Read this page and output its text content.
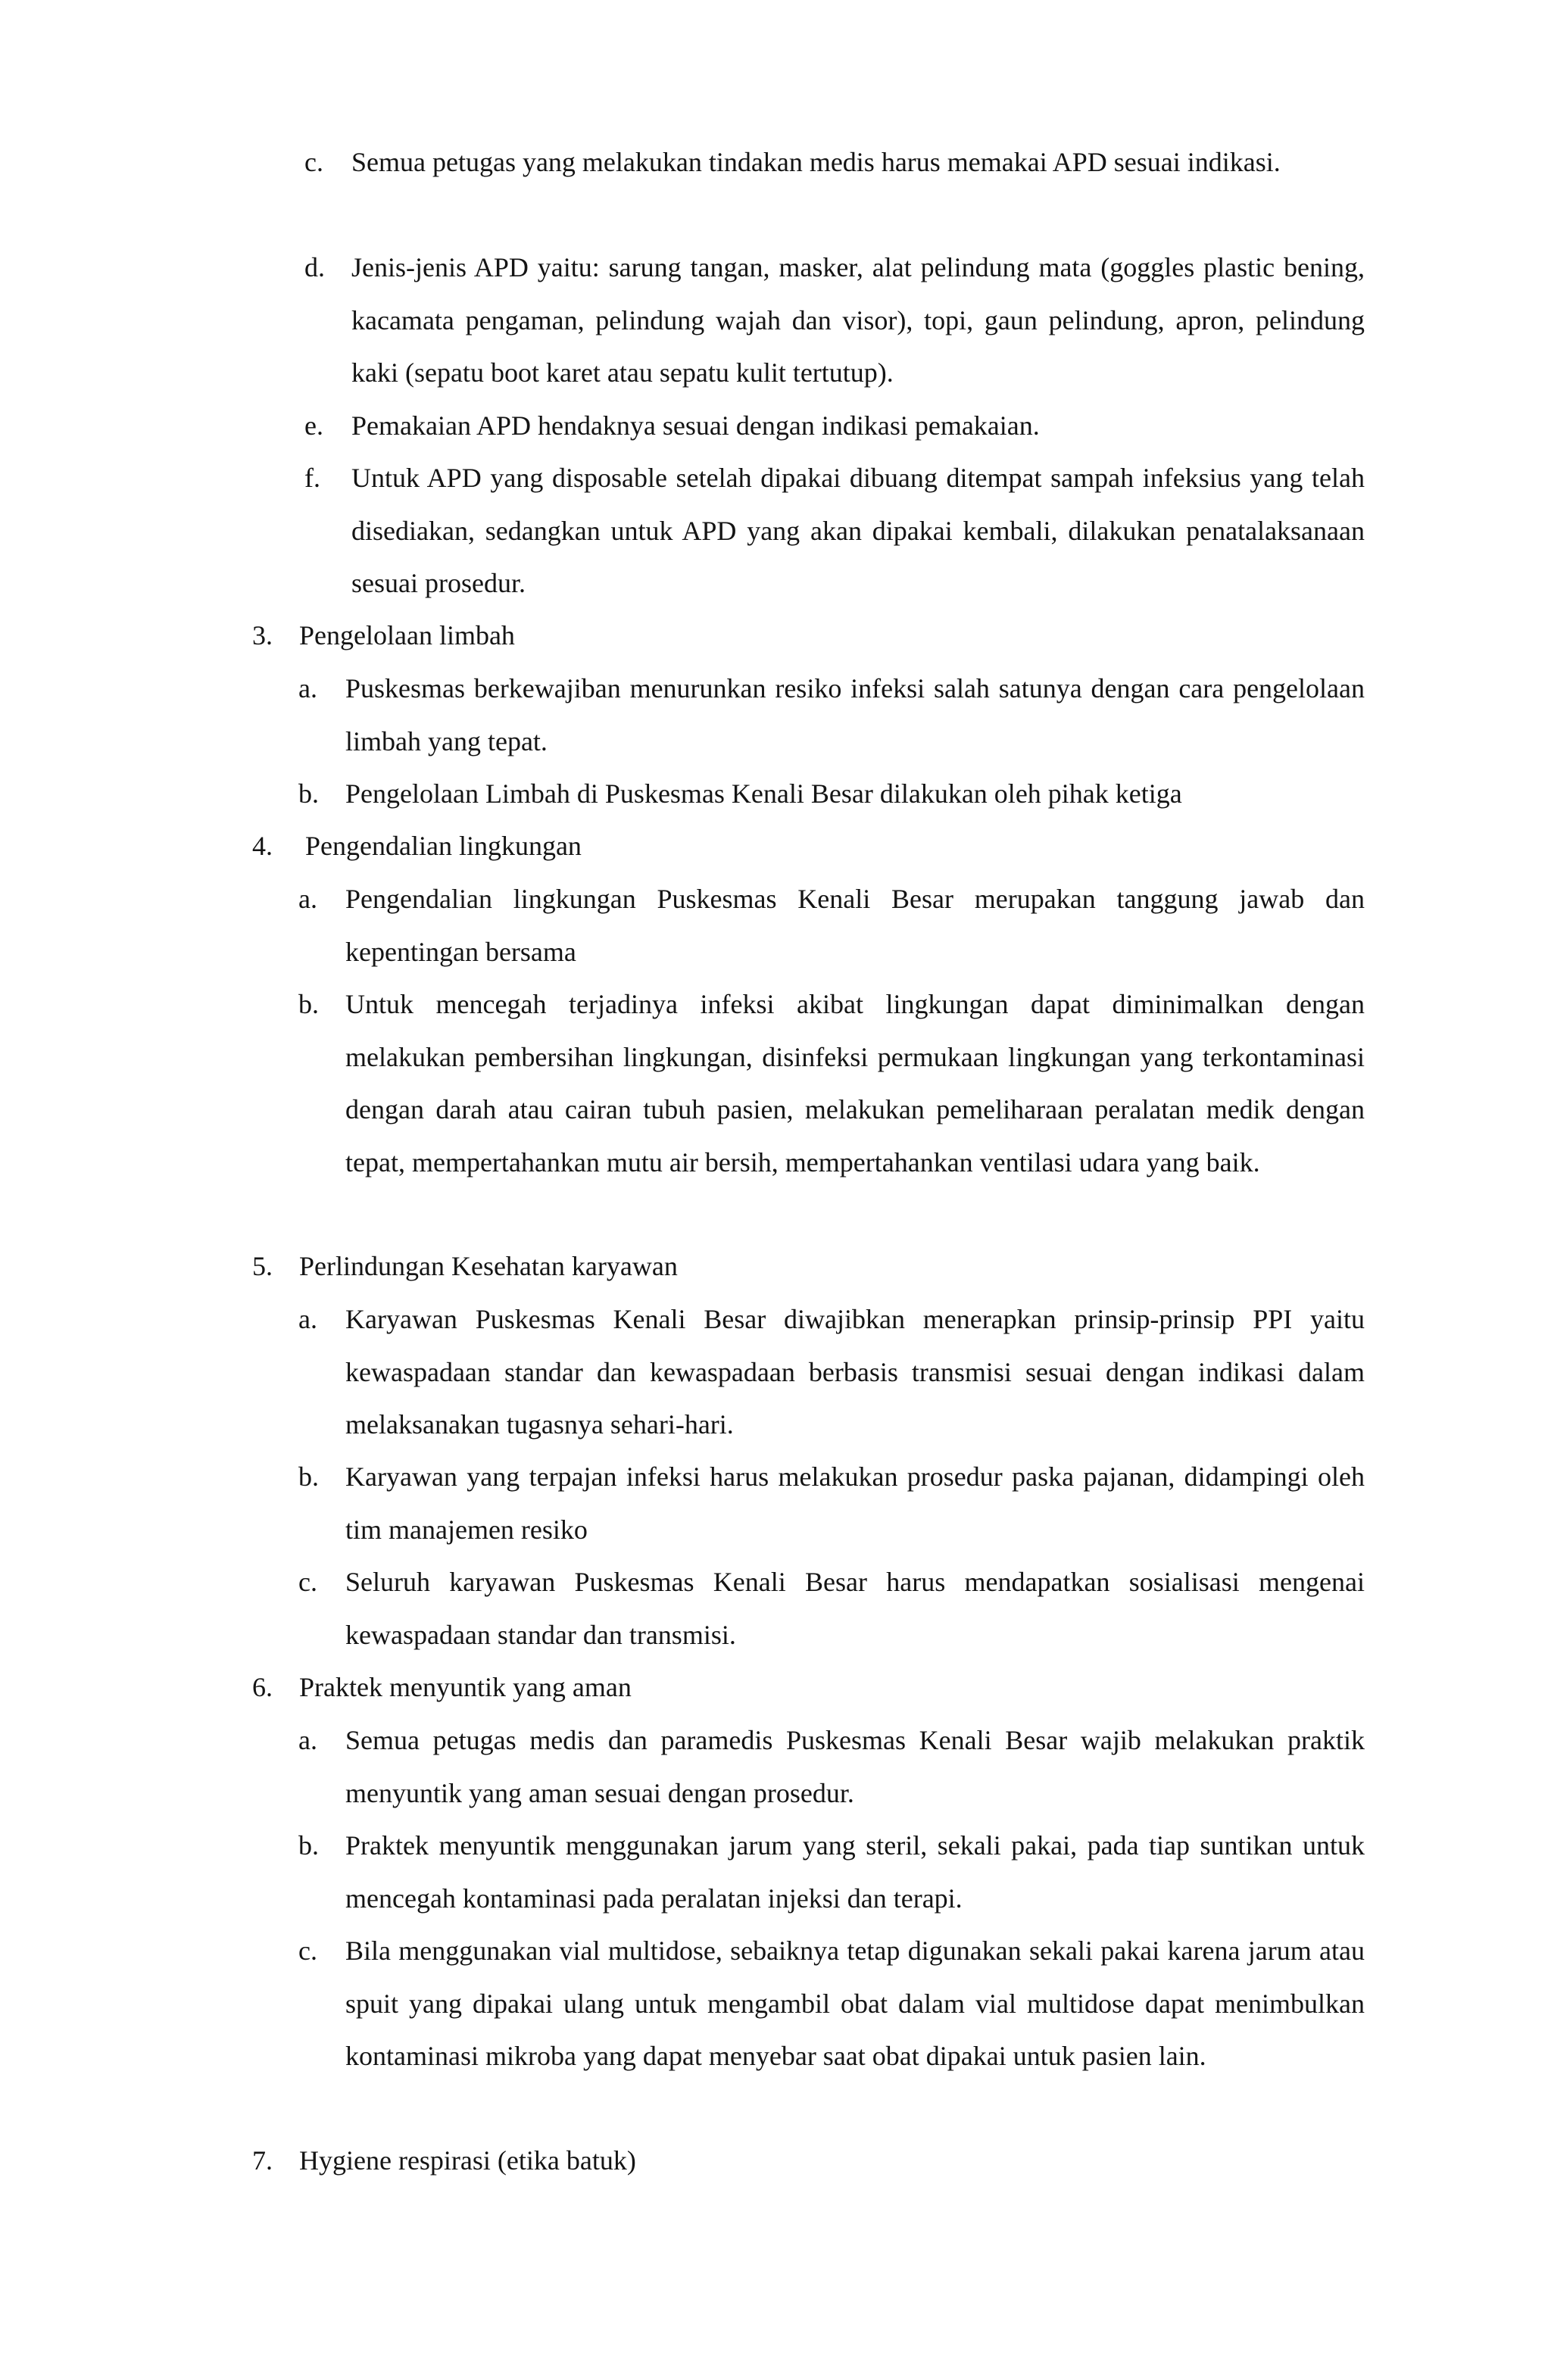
c. Semua petugas yang melakukan tindakan medis harus memakai APD sesuai indikasi.
d. Jenis-jenis APD yaitu: sarung tangan, masker, alat pelindung mata (goggles plastic bening, kacamata pengaman, pelindung wajah dan visor), topi, gaun pelindung, apron, pelindung kaki (sepatu boot karet atau sepatu kulit tertutup).
e. Pemakaian APD hendaknya sesuai dengan indikasi pemakaian.
f. Untuk APD yang disposable setelah dipakai dibuang ditempat sampah infeksius yang telah disediakan, sedangkan untuk APD yang akan dipakai kembali, dilakukan penatalaksanaan sesuai prosedur.
3. Pengelolaan limbah
a. Puskesmas berkewajiban menurunkan resiko infeksi salah satunya dengan cara pengelolaan limbah yang tepat.
b. Pengelolaan Limbah di Puskesmas Kenali Besar dilakukan oleh pihak ketiga
4. Pengendalian lingkungan
a. Pengendalian lingkungan Puskesmas Kenali Besar merupakan tanggung jawab dan kepentingan bersama
b. Untuk mencegah terjadinya infeksi akibat lingkungan dapat diminimalkan dengan melakukan pembersihan lingkungan, disinfeksi permukaan lingkungan yang terkontaminasi dengan darah atau cairan tubuh pasien, melakukan pemeliharaan peralatan medik dengan tepat, mempertahankan mutu air bersih, mempertahankan ventilasi udara yang baik.
5. Perlindungan Kesehatan karyawan
a. Karyawan Puskesmas Kenali Besar diwajibkan menerapkan prinsip-prinsip PPI yaitu kewaspadaan standar dan kewaspadaan berbasis transmisi sesuai dengan indikasi dalam melaksanakan tugasnya sehari-hari.
b. Karyawan yang terpajan infeksi harus melakukan prosedur paska pajanan, didampingi oleh tim manajemen resiko
c. Seluruh karyawan Puskesmas Kenali Besar harus mendapatkan sosialisasi mengenai kewaspadaan standar dan transmisi.
6. Praktek menyuntik yang aman
a. Semua petugas medis dan paramedis Puskesmas Kenali Besar wajib melakukan praktik menyuntik yang aman sesuai dengan prosedur.
b. Praktek menyuntik menggunakan jarum yang steril, sekali pakai, pada tiap suntikan untuk mencegah kontaminasi pada peralatan injeksi dan terapi.
c. Bila menggunakan vial multidose, sebaiknya tetap digunakan sekali pakai karena jarum atau spuit yang dipakai ulang untuk mengambil obat dalam vial multidose dapat menimbulkan kontaminasi mikroba yang dapat menyebar saat obat dipakai untuk pasien lain.
7. Hygiene respirasi (etika batuk)
